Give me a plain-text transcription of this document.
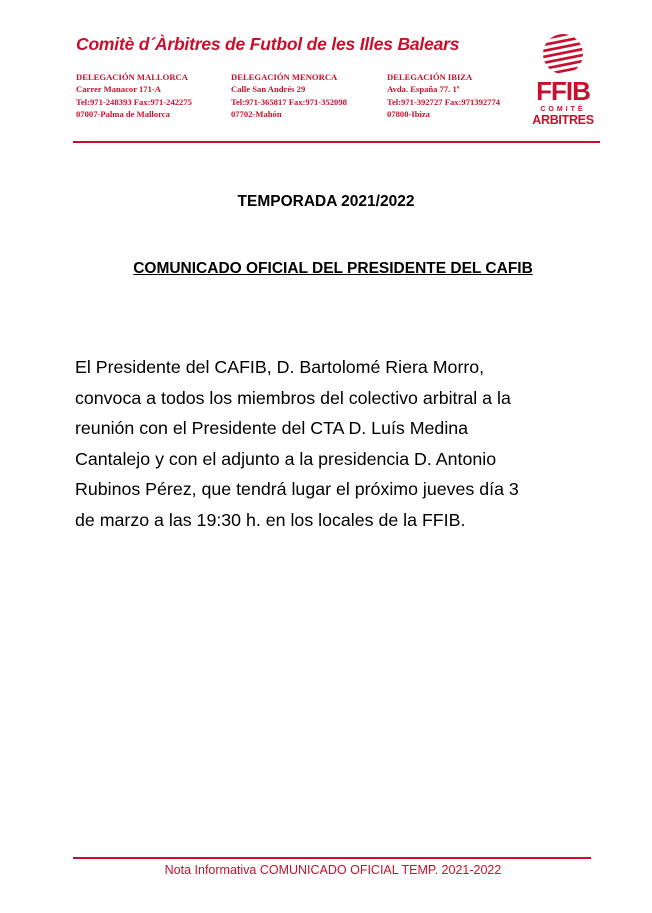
Comitè d´Àrbitres de Futbol de les Illes Balears
DELEGACIÓN MALLORCA
Carrer Manacor 171-A
Tel:971-248393 Fax:971-242275
07007-Palma de Mallorca
DELEGACIÓN MENORCA
Calle San Andrés 29
Tel:971-365817 Fax:971-352098
07702-Mahón
DELEGACIÓN IBIZA
Avda. España 77. 1º
Tel:971-392727 Fax:971392774
07800-Ibiza
FFIB
COMITÈ
ARBITRES
TEMPORADA 2021/2022
COMUNICADO OFICIAL DEL PRESIDENTE DEL CAFIB
El Presidente del CAFIB, D. Bartolomé Riera Morro,
convoca a todos los miembros del colectivo arbitral a la
reunión con el Presidente del CTA D. Luís Medina
Cantalejo y con el adjunto a la presidencia D. Antonio
Rubinos Pérez, que tendrá lugar el próximo jueves día 3
de marzo a las 19:30 h. en los locales de la FFIB.
Nota Informativa COMUNICADO OFICIAL TEMP. 2021-2022
